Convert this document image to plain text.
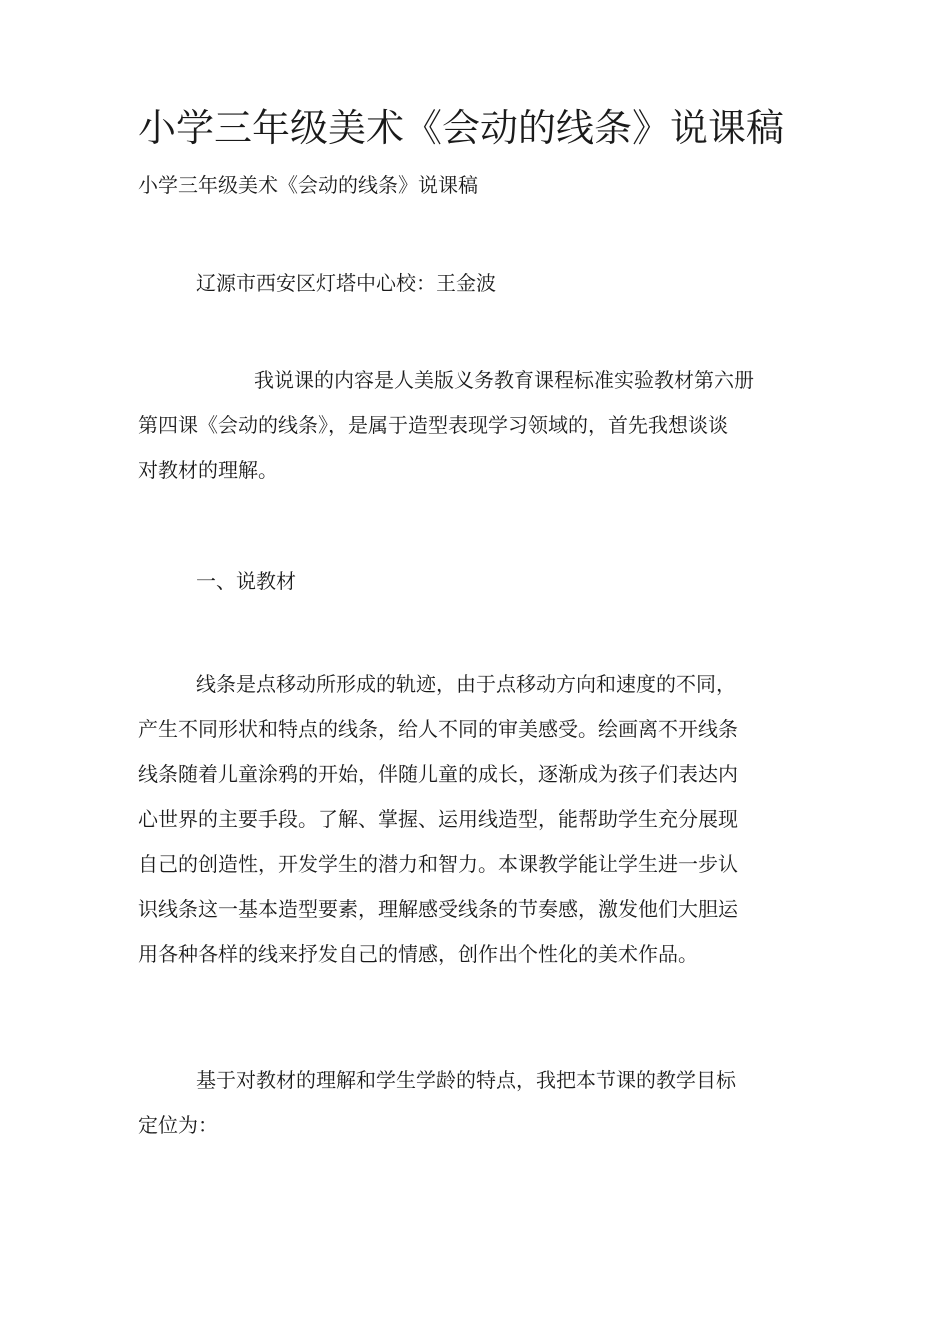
小学三年级美术《会动的线条》说课稿
小学三年级美术《会动的线条》说课稿
辽源市西安区灯塔中心校：王金波
我说课的内容是人美版义务教育课程标准实验教材第六册
第四课《会动的线条》，是属于造型表现学习领域的，首先我想谈谈
对教材的理解。
一、说教材
线条是点移动所形成的轨迹，由于点移动方向和速度的不同，
产生不同形状和特点的线条，给人不同的审美感受。绘画离不开线条
线条随着儿童涂鸦的开始，伴随儿童的成长，逐渐成为孩子们表达内
心世界的主要手段。了解、掌握、运用线造型，能帮助学生充分展现
自己的创造性，开发学生的潜力和智力。本课教学能让学生进一步认
识线条这一基本造型要素，理解感受线条的节奏感，激发他们大胆运
用各种各样的线来抒发自己的情感，创作出个性化的美术作品。
基于对教材的理解和学生学龄的特点，我把本节课的教学目标
定位为：
